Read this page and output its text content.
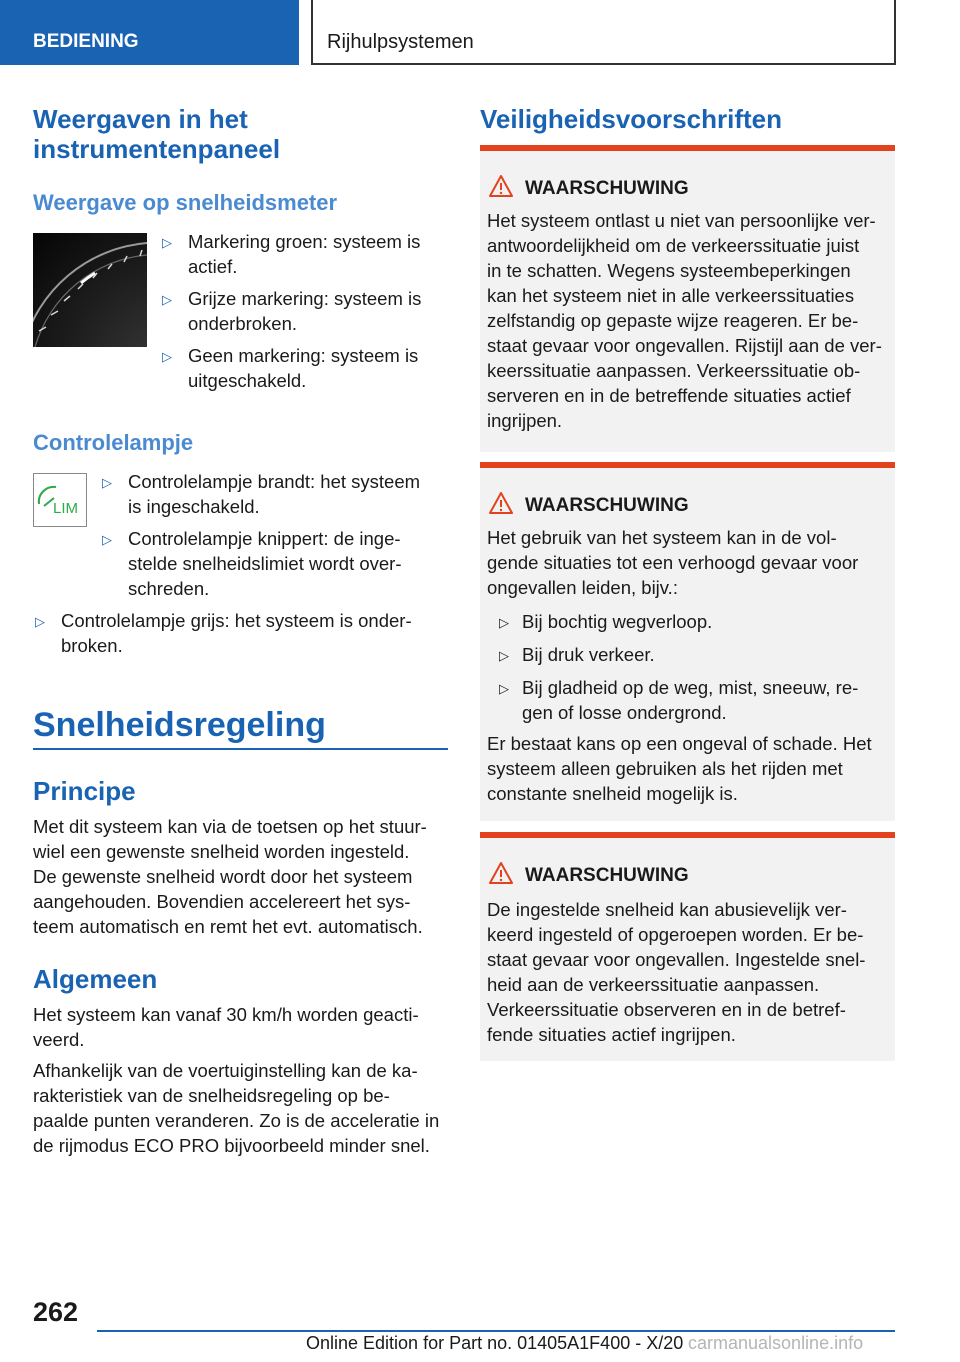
BEDIENING	Rijhulpsystemen
Weergaven in het
instrumentenpaneel
Weergave op snelheidsmeter
▷ Markering groen: systeem is
actief.
▷ Grijze markering: systeem is
onderbroken.
▷ Geen markering: systeem is
uitgeschakeld.
Controlelampje
LIM
▷ Controlelampje brandt: het systeem
is ingeschakeld.
▷ Controlelampje knippert: de inge-
stelde snelheidslimiet wordt over-
schreden.
▷ Controlelampje grijs: het systeem is onder-
broken.
Snelheidsregeling
Principe
Met dit systeem kan via de toetsen op het stuur-
wiel een gewenste snelheid worden ingesteld.
De gewenste snelheid wordt door het systeem
aangehouden. Bovendien accelereert het sys-
teem automatisch en remt het evt. automatisch.
Algemeen
Het systeem kan vanaf 30 km/h worden geacti-
veerd.
Afhankelijk van de voertuiginstelling kan de ka-
rakteristiek van de snelheidsregeling op be-
paalde punten veranderen. Zo is de acceleratie in
de rijmodus ECO PRO bijvoorbeeld minder snel.
Veiligheidsvoorschriften
WAARSCHUWING
Het systeem ontlast u niet van persoonlijke ver-
antwoordelijkheid om de verkeerssituatie juist
in te schatten. Wegens systeembeperkingen
kan het systeem niet in alle verkeerssituaties
zelfstandig op gepaste wijze reageren. Er be-
staat gevaar voor ongevallen. Rijstijl aan de ver-
keerssituatie aanpassen. Verkeerssituatie ob-
serveren en in de betreffende situaties actief
ingrijpen.
WAARSCHUWING
Het gebruik van het systeem kan in de vol-
gende situaties tot een verhoogd gevaar voor
ongevallen leiden, bijv.:
▷ Bij bochtig wegverloop.
▷ Bij druk verkeer.
▷ Bij gladheid op de weg, mist, sneeuw, re-
gen of losse ondergrond.
Er bestaat kans op een ongeval of schade. Het
systeem alleen gebruiken als het rijden met
constante snelheid mogelijk is.
WAARSCHUWING
De ingestelde snelheid kan abusievelijk ver-
keerd ingesteld of opgeroepen worden. Er be-
staat gevaar voor ongevallen. Ingestelde snel-
heid aan de verkeerssituatie aanpassen.
Verkeerssituatie observeren en in de betref-
fende situaties actief ingrijpen.
262
Online Edition for Part no. 01405A1F400 - X/20 carmanualsonline.info
